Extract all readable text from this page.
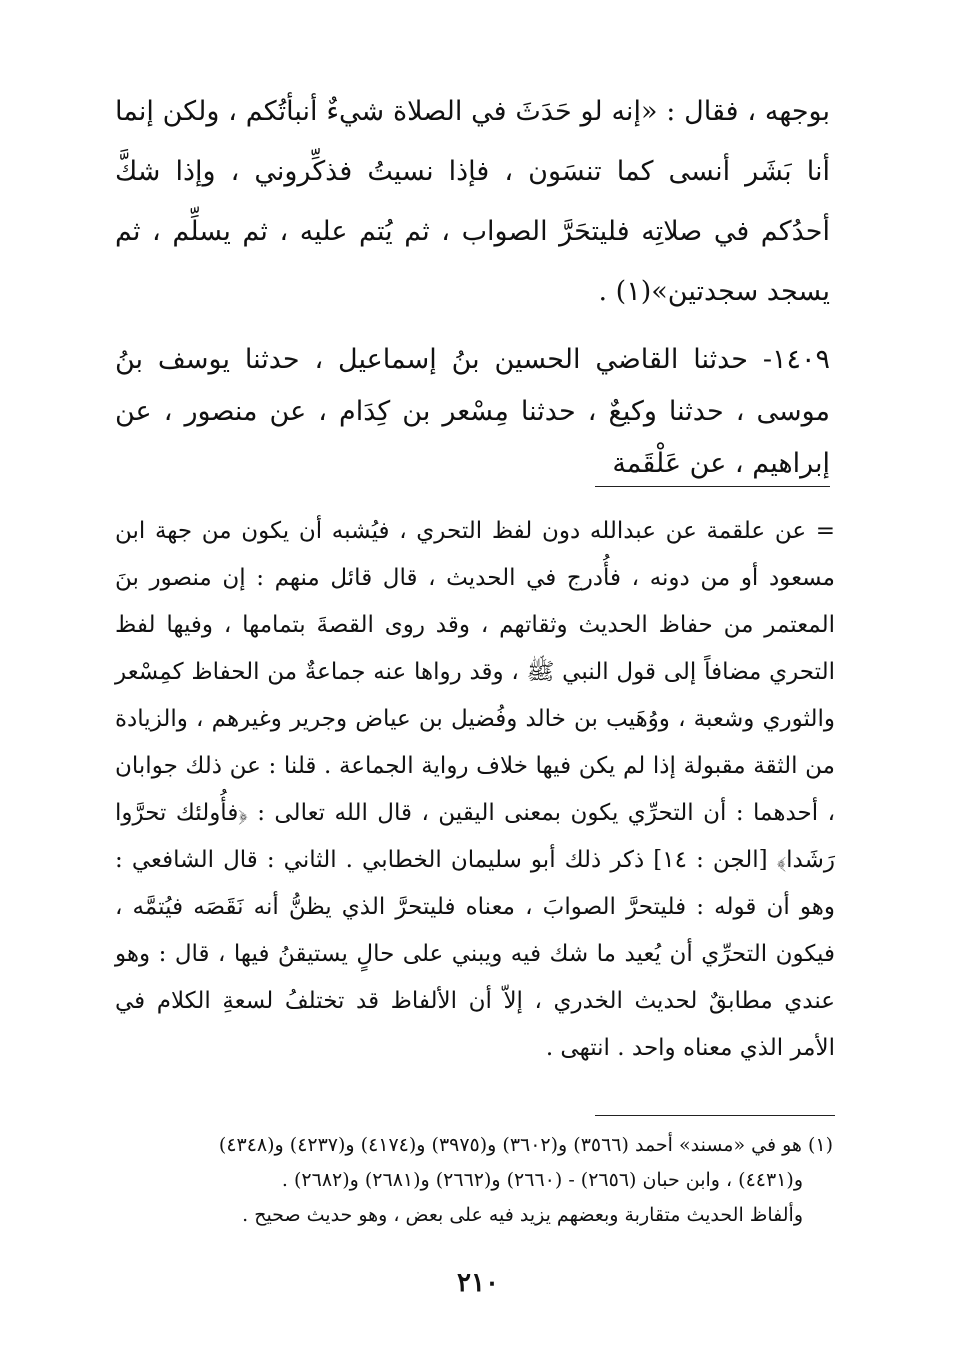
بوجهه ، فقال : «إنه لو حَدَثَ في الصلاة شيءٌ أنبأتُكم ، ولكن إنما أنا بَشَر أنسى كما تنسَون ، فإذا نسيتُ فذكِّروني ، وإذا شكَّ أحدُكم في صلاتِه فليتحَرَّ الصواب ، ثم يُتم عليه ، ثم يسلِّم ، ثم يسجد سجدتين»(١) .

١٤٠٩- حدثنا القاضي الحسين بنُ إسماعيل ، حدثنا يوسف بنُ موسى ، حدثنا وكيعٌ ، حدثنا مِسْعر بن كِدَام ، عن منصور ، عن إبراهيم ، عن عَلْقَمة

= عن علقمة عن عبدالله دون لفظ التحري ، فيُشبه أن يكون من جهة ابن مسعود أو من دونه ، فأُدرج في الحديث ، قال قائل منهم : إن منصور بنَ المعتمر من حفاظ الحديث وثقاتهم ، وقد روى القصةَ بتمامها ، وفيها لفظ التحري مضافاً إلى قول النبي ﷺ ، وقد رواها عنه جماعةٌ من الحفاظ كمِسْعر والثوري وشعبة ، ووُهَيب بن خالد وفُضيل بن عياض وجرير وغيرهم ، والزيادة من الثقة مقبولة إذا لم يكن فيها خلاف رواية الجماعة . قلنا : عن ذلك جوابان ، أحدهما : أن التحرِّي يكون بمعنى اليقين ، قال الله تعالى : ﴿فأُولئك تحرَّوا رَشَدا﴾ [الجن : ١٤] ذكر ذلك أبو سليمان الخطابي . الثاني : قال الشافعي : وهو أن قوله : فليتحرَّ الصوابَ ، معناه فليتحرَّ الذي يظنُّ أنه نَقَصَه فيُتمَّه ، فيكون التحرِّي أن يُعيد ما شك فيه ويبني على حالٍ يستيقنُ فيها ، قال : وهو عندي مطابقٌ لحديث الخدري ، إلاّ أن الألفاظ قد تختلفُ لسعةِ الكلام في الأمر الذي معناه واحد . انتهى .

(١) هو في «مسند» أحمد (٣٥٦٦) و(٣٦٠٢) و(٣٩٧٥) و(٤١٧٤) و(٤٢٣٧) و(٤٣٤٨)

و(٤٤٣١) ، وابن حبان (٢٦٥٦) - (٢٦٦٠) و(٢٦٦٢) و(٢٦٨١) و(٢٦٨٢) .

وألفاظ الحديث متقاربة وبعضهم يزيد فيه على بعض ، وهو حديث صحيح .

٢١٠
